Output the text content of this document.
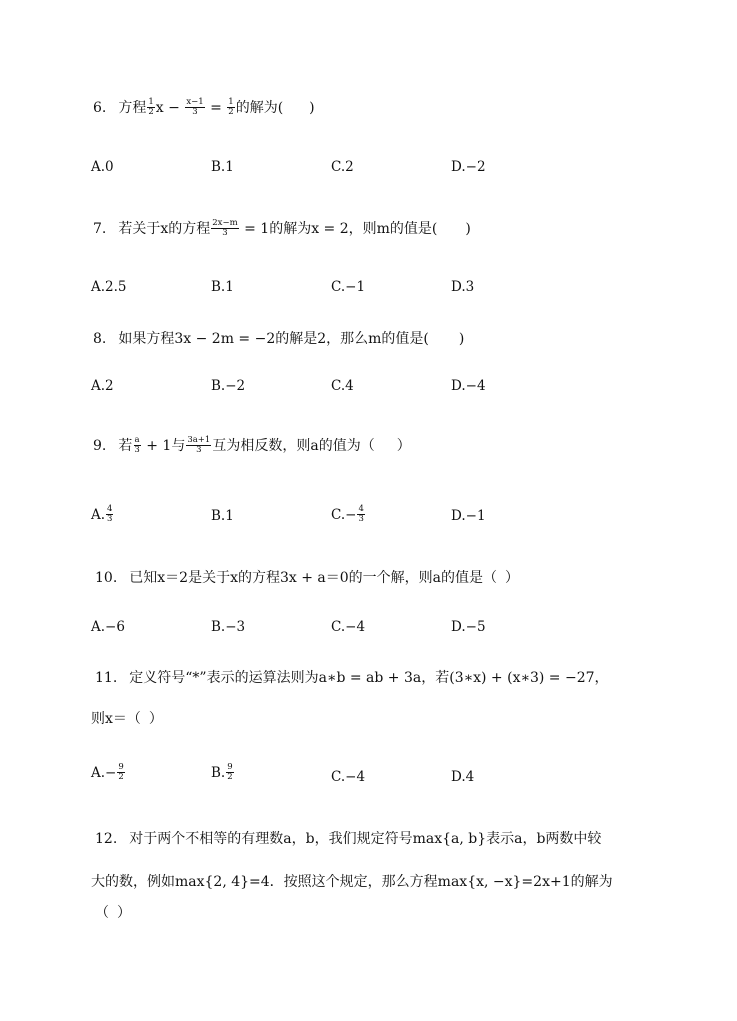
6. 方程 $\frac{1}{2}$ $x - \frac{x-1}{3} = \frac{1}{2}$ 的解为( )
A.0	B.1	C.2	D.−2
7. 若关于x的方程 $\frac{2x-m}{3} = 1$的解为x = 2，则m的值是( )
A.2.5	B.1	C.−1	D.3
8. 如果方程3x − 2m = −2的解是2，那么m的值是( )
A.2	B.−2	C.4	D.−4
9. 若 $\frac{a}{3} + 1$与 $\frac{3a+1}{3}$ 互为相反数，则a的值为（ ）
A. $\frac{4}{3}$	B.1	$C.- \frac{4}{3}$	D.−1
10. 已知x＝2是关于x的方程3x + a＝0的一个解，则a的值是（ ）
A.−6	B.−3	C.−4	D.−5
11. 定义符号“*”表示的运算法则为a∗b = ab + 3a，若(3∗x) + (x∗3) = −27，
则x＝（ ）
$A.- \frac{9}{2}$	B. $\frac{9}{2}$	C.−4	D.4
12. 对于两个不相等的有理数a，b，我们规定符号max{a, b}表示a，b两数中较
大的数，例如max{2, 4}=4．按照这个规定，那么方程max{x, −x}=2x+1的解为
（ ）
